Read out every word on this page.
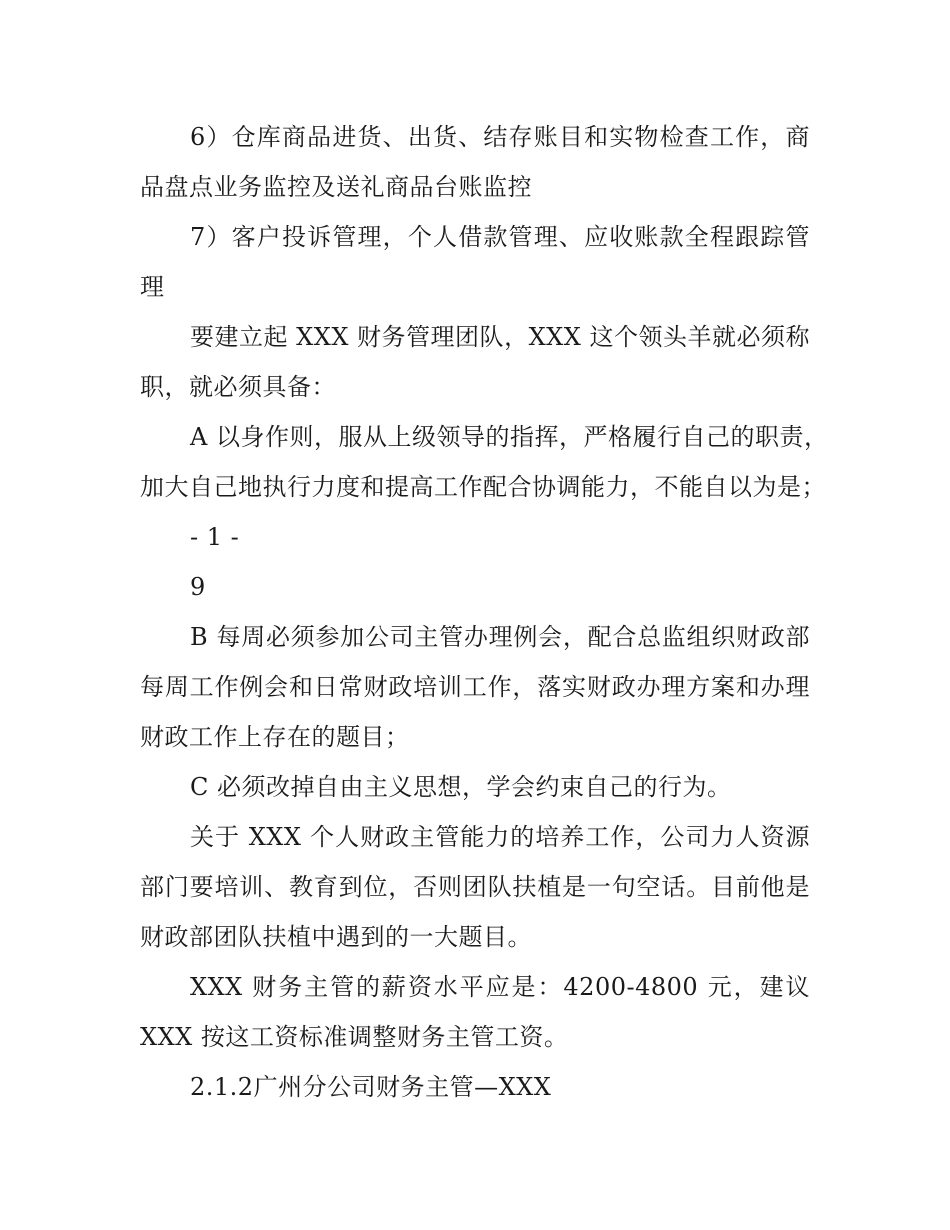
6）仓库商品进货、出货、结存账目和实物检查工作，商
品盘点业务监控及送礼商品台账监控
7）客户投诉管理，个人借款管理、应收账款全程跟踪管
理
要建立起 XXX 财务管理团队，XXX 这个领头羊就必须称
职，就必须具备：
A 以身作则，服从上级领导的指挥，严格履行自己的职责，
加大自己地执行力度和提高工作配合协调能力，不能自以为是；
- 1 -
9
B 每周必须参加公司主管办理例会，配合总监组织财政部
每周工作例会和日常财政培训工作，落实财政办理方案和办理
财政工作上存在的题目；
C 必须改掉自由主义思想，学会约束自己的行为。
关于 XXX 个人财政主管能力的培养工作，公司力人资源
部门要培训、教育到位，否则团队扶植是一句空话。目前他是
财政部团队扶植中遇到的一大题目。
XXX 财务主管的薪资水平应是：4200-4800 元，建议
XXX 按这工资标准调整财务主管工资。
2.1.2广州分公司财务主管—XXX
